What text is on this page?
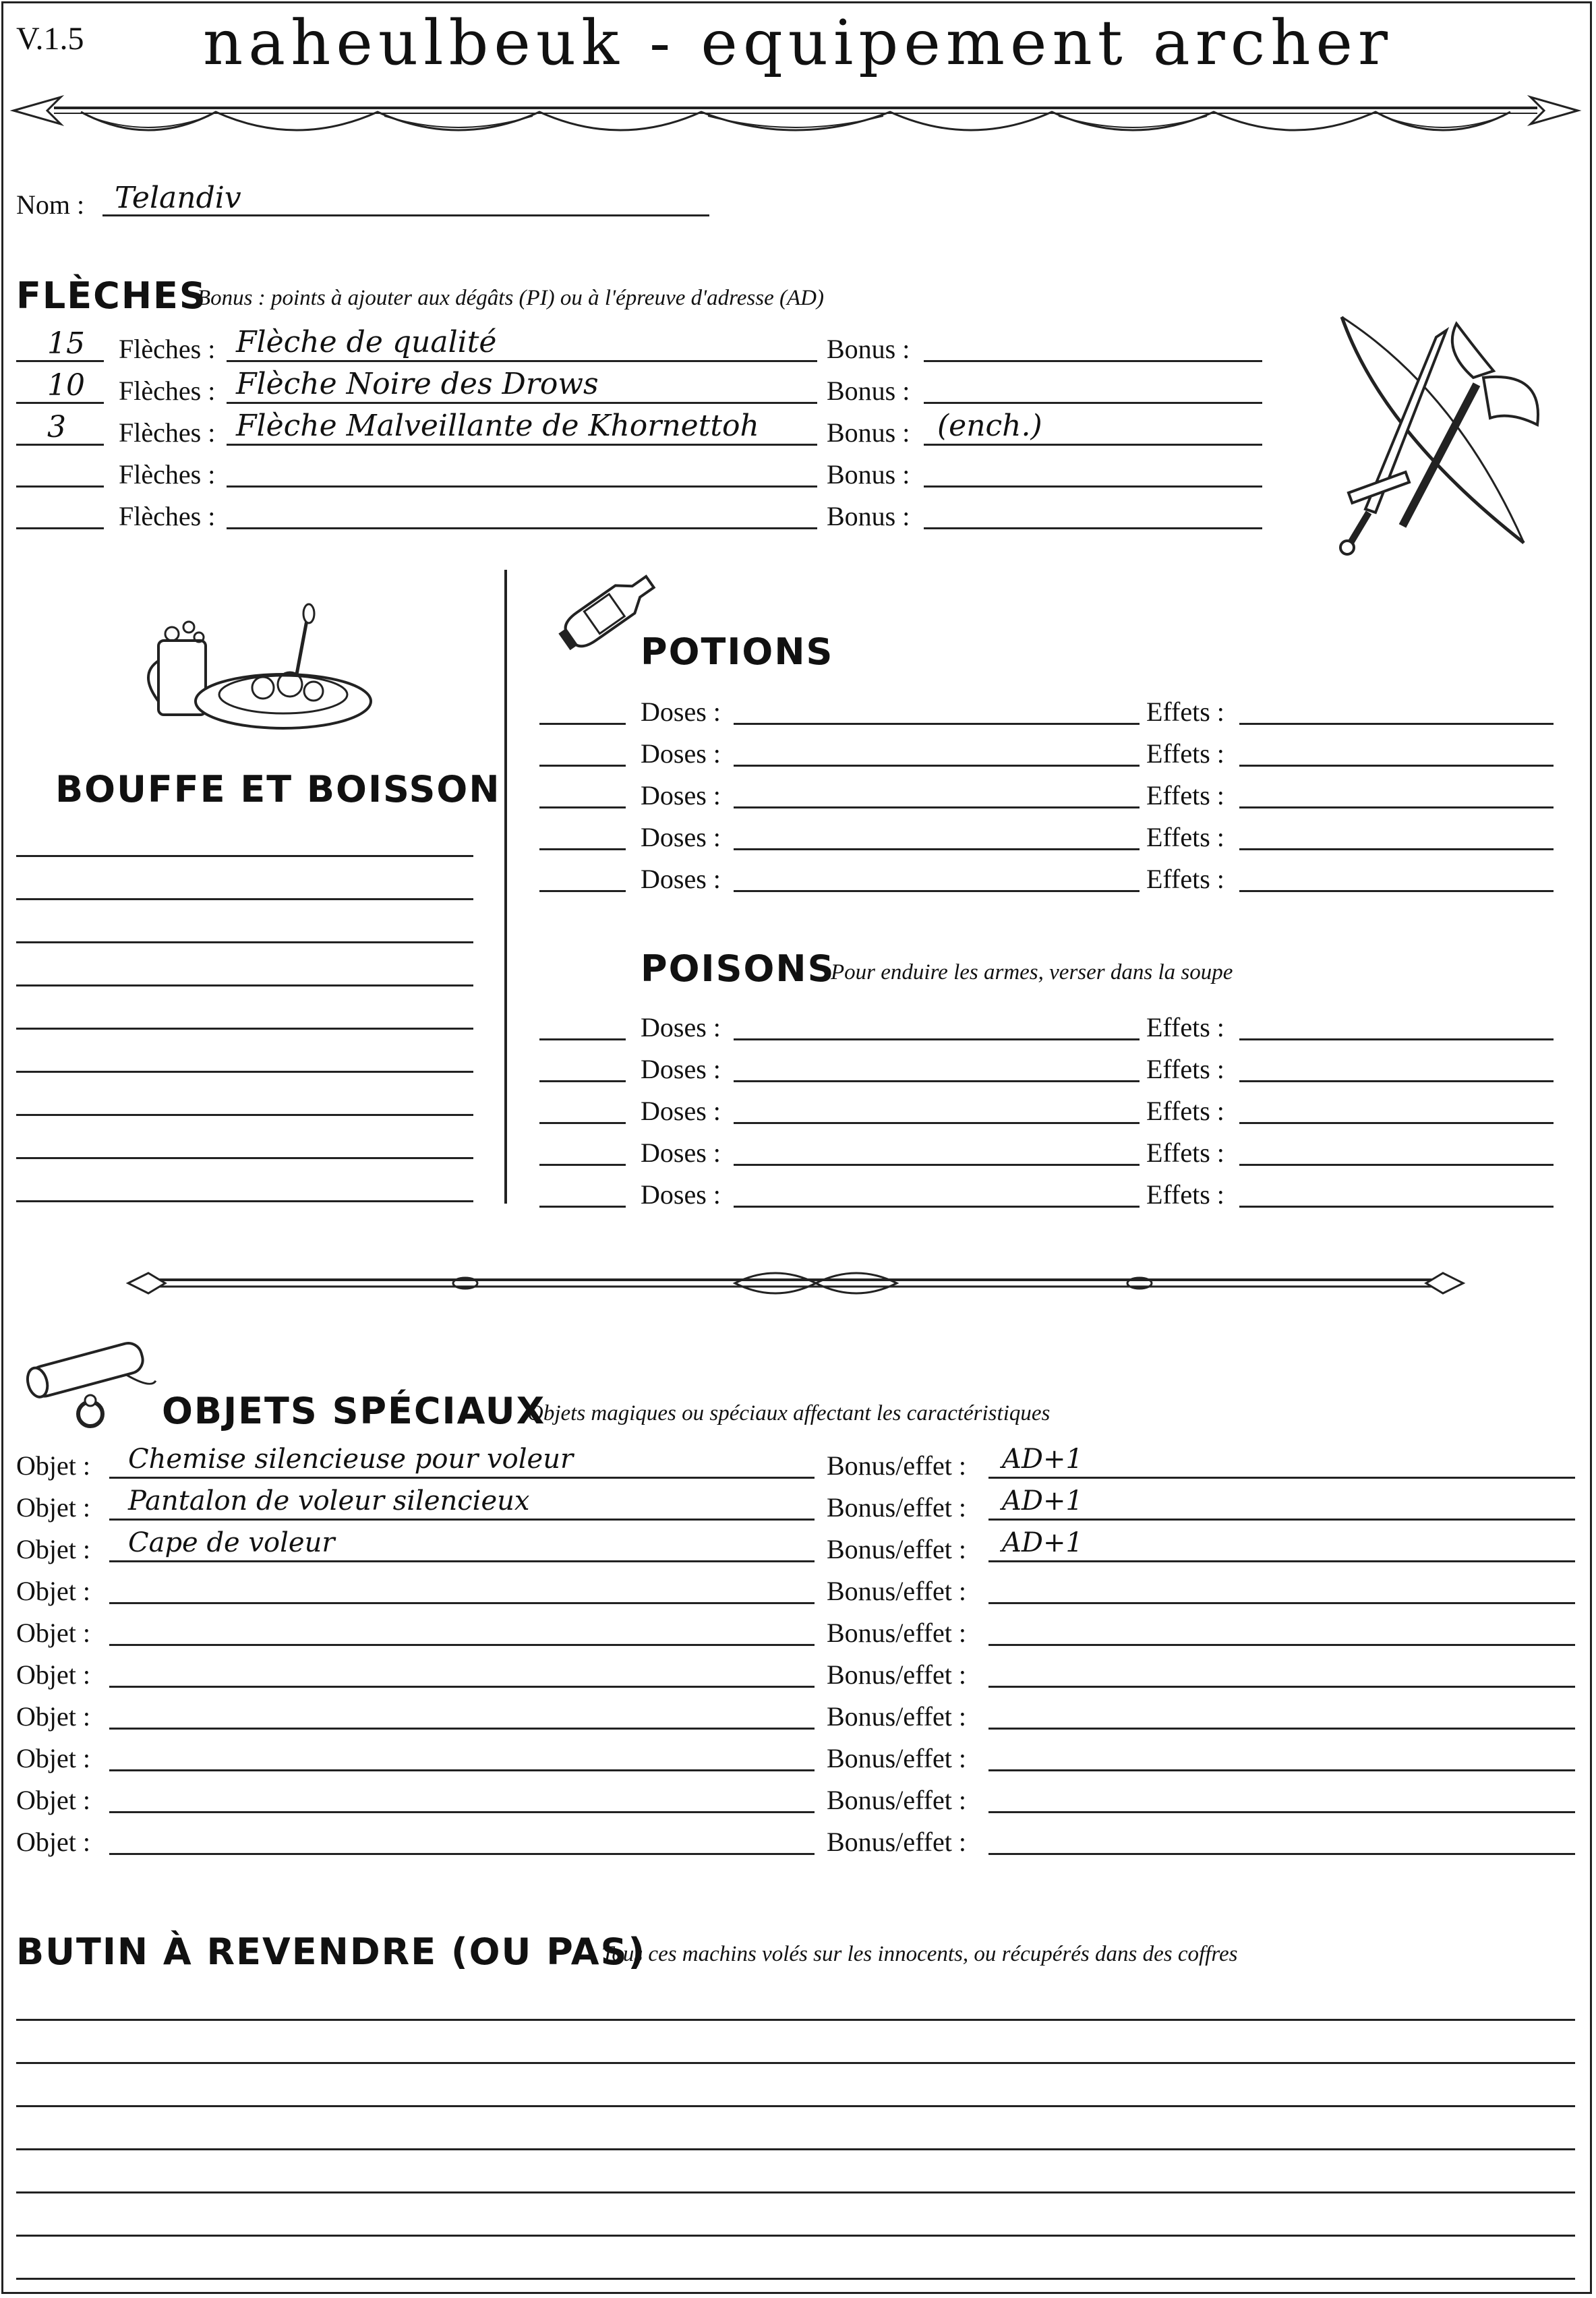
V.1.5	naheulbeuk - equipement archer
Nom : Telandiv
FLÈCHES
Bonus : points à ajouter aux dégâts (PI) ou à l'épreuve d'adresse (AD)
15 Flèches : Flèche de qualité	Bonus :
10 Flèches : Flèche Noire des Drows	Bonus :
3 Flèches : Flèche Malveillante de Khornettoh	Bonus : (ench.)
Flèches :	Bonus :
Flèches :	Bonus :
BOUFFE ET BOISSON
POTIONS
Doses :	Effets :
Doses :	Effets :
Doses :	Effets :
Doses :	Effets :
Doses :	Effets :
POISONS
Pour enduire les armes, verser dans la soupe
Doses :	Effets :
Doses :	Effets :
Doses :	Effets :
Doses :	Effets :
Doses :	Effets :
OBJETS SPÉCIAUX
Objets magiques ou spéciaux affectant les caractéristiques
Objet : Chemise silencieuse pour voleur	Bonus/effet : AD+1
Objet : Pantalon de voleur silencieux	Bonus/effet : AD+1
Objet : Cape de voleur	Bonus/effet : AD+1
Objet :	Bonus/effet :
Objet :	Bonus/effet :
Objet :	Bonus/effet :
Objet :	Bonus/effet :
Objet :	Bonus/effet :
Objet :	Bonus/effet :
Objet :	Bonus/effet :
BUTIN À REVENDRE (OU PAS)
Tous ces machins volés sur les innocents, ou récupérés dans des coffres
